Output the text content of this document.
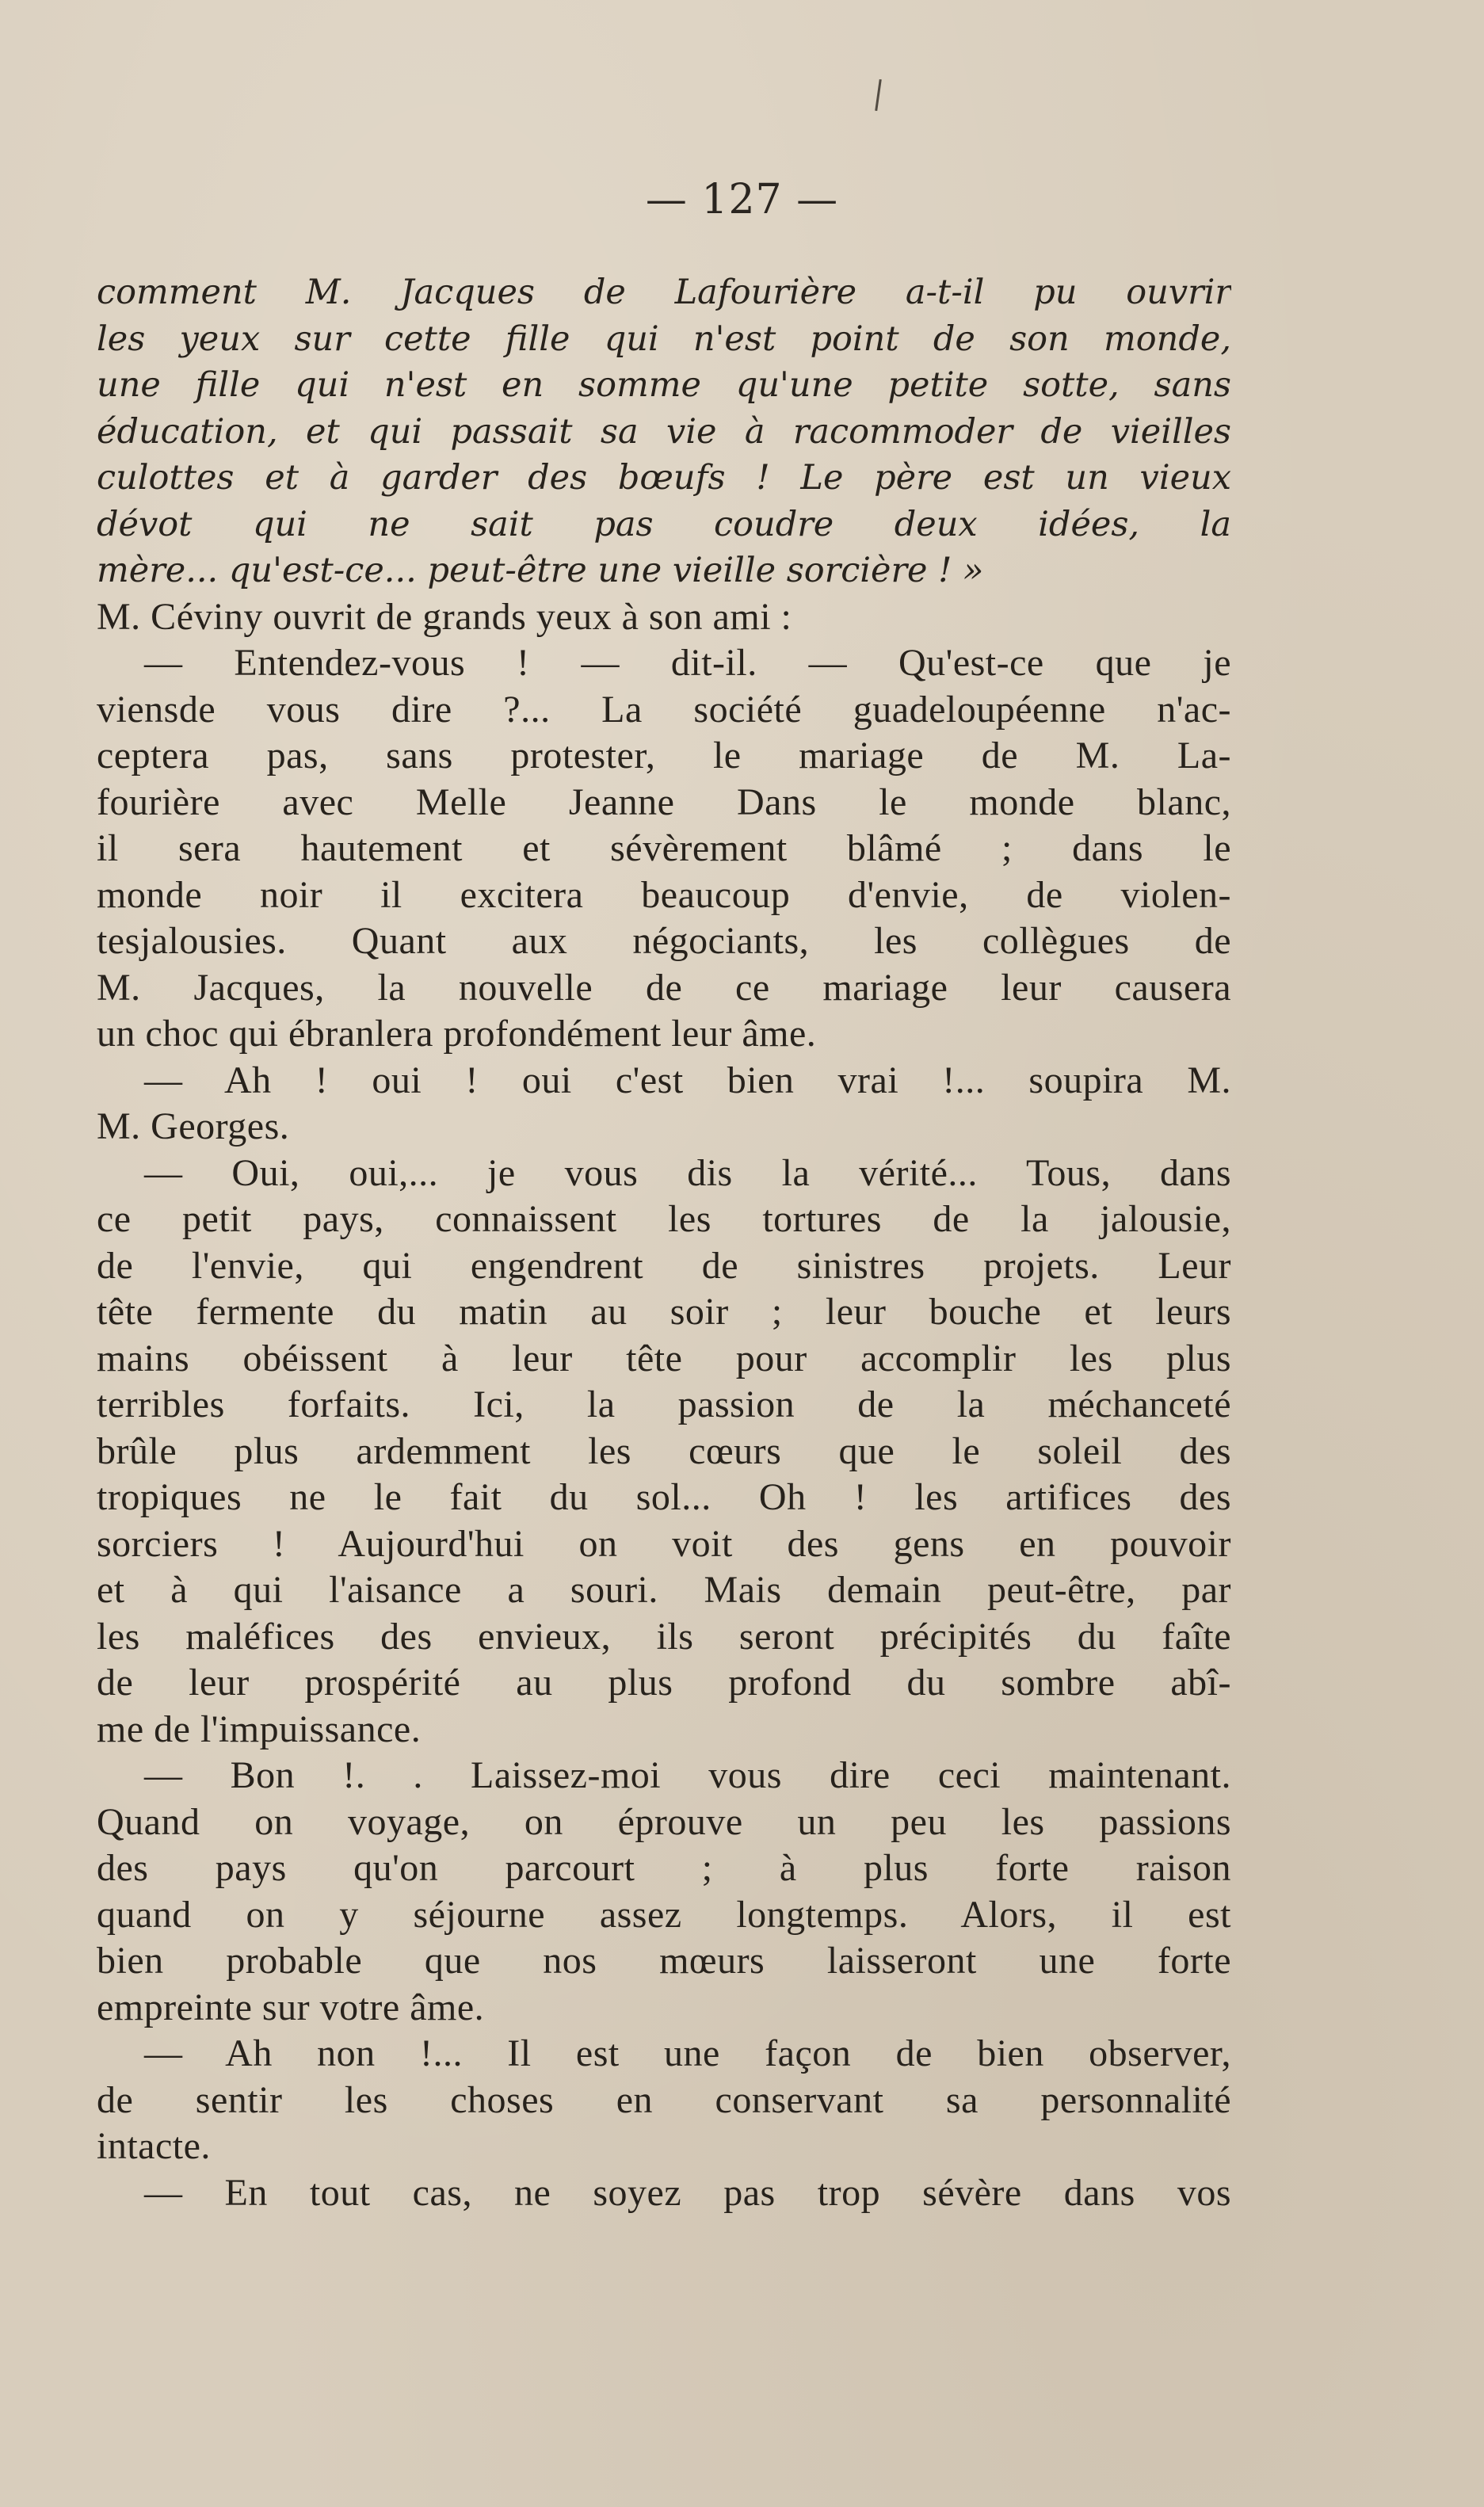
— 127 —
comment M. Jacques de Lafourière a-t-il pu ouvrir
les yeux sur cette fille qui n'est point de son monde,
une fille qui n'est en somme qu'une petite sotte, sans
éducation, et qui passait sa vie à racommoder de vieilles
culottes et à garder des bœufs ! Le père est un vieux
dévot qui ne sait pas coudre deux idées, la
mère... qu'est-ce... peut-être une vieille sorcière ! »
M. Céviny ouvrit de grands yeux à son ami :
— Entendez-vous ! — dit-il. — Qu'est-ce que je
viensde vous dire ?... La société guadeloupéenne n'ac-
ceptera pas, sans protester, le mariage de M. La-
fourière avec Melle Jeanne Dans le monde blanc,
il sera hautement et sévèrement blâmé ; dans le
monde noir il excitera beaucoup d'envie, de violen-
tesjalousies. Quant aux négociants, les collègues de
M. Jacques, la nouvelle de ce mariage leur causera
un choc qui ébranlera profondément leur âme.
— Ah ! oui ! oui c'est bien vrai !... soupira M.
M. Georges.
— Oui, oui,... je vous dis la vérité... Tous, dans
ce petit pays, connaissent les tortures de la jalousie,
de l'envie, qui engendrent de sinistres projets. Leur
tête fermente du matin au soir ; leur bouche et leurs
mains obéissent à leur tête pour accomplir les plus
terribles forfaits. Ici, la passion de la méchanceté
brûle plus ardemment les cœurs que le soleil des
tropiques ne le fait du sol... Oh ! les artifices des
sorciers ! Aujourd'hui on voit des gens en pouvoir
et à qui l'aisance a souri. Mais demain peut-être, par
les maléfices des envieux, ils seront précipités du faîte
de leur prospérité au plus profond du sombre abî-
me de l'impuissance.
— Bon !. . Laissez-moi vous dire ceci maintenant.
Quand on voyage, on éprouve un peu les passions
des pays qu'on parcourt ; à plus forte raison
quand on y séjourne assez longtemps. Alors, il est
bien probable que nos mœurs laisseront une forte
empreinte sur votre âme.
— Ah non !... Il est une façon de bien observer,
de sentir les choses en conservant sa personnalité
intacte.
— En tout cas, ne soyez pas trop sévère dans vos
